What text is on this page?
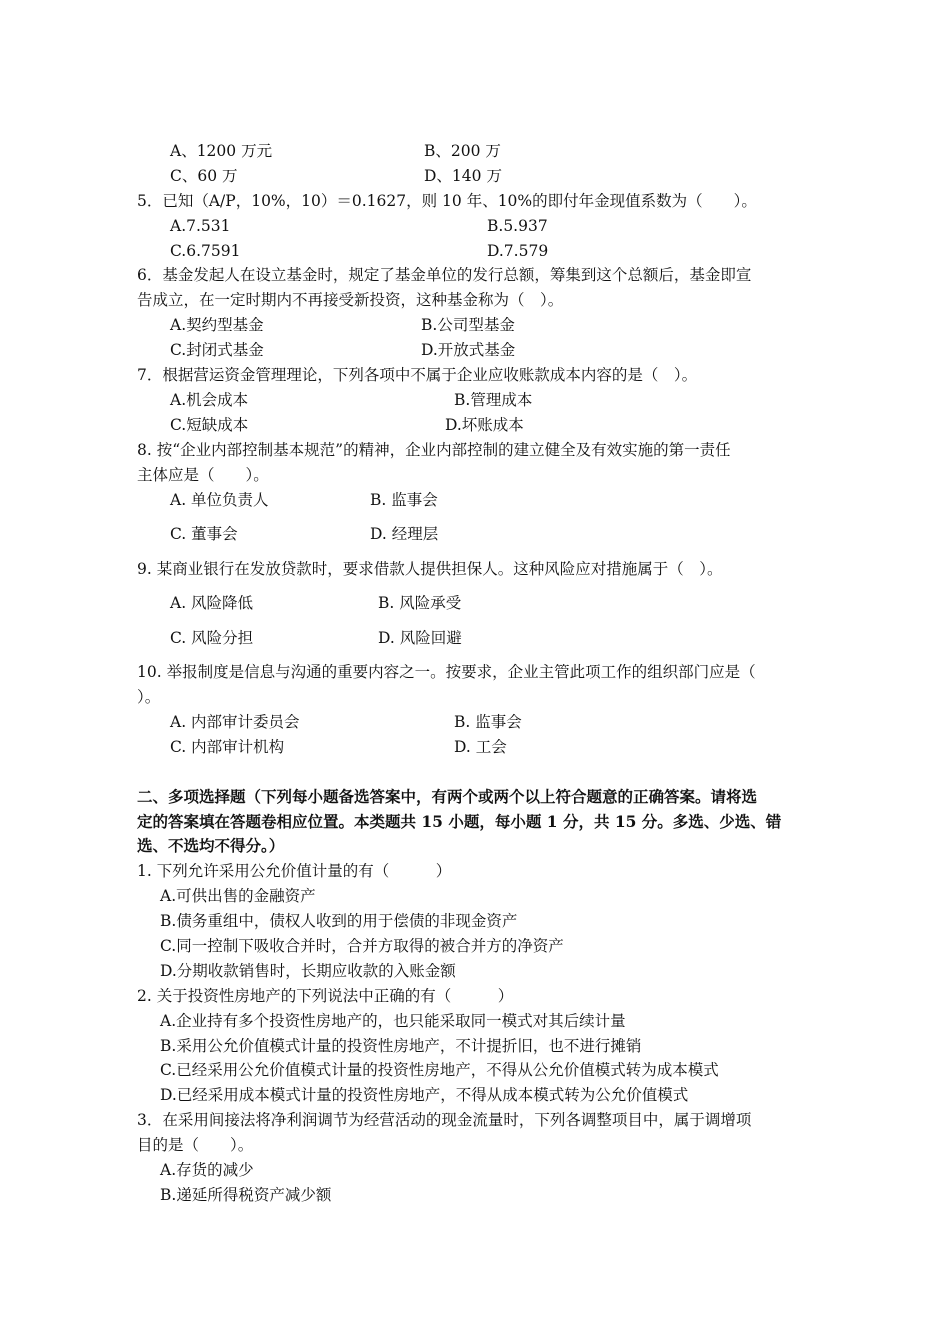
A、1200 万元	B、200 万
C、60 万	D、140 万
5．已知（A/P，10%，10）＝0.1627，则 10 年、10%的即付年金现值系数为（　　）。
A.7.531	B.5.937
C.6.7591	D.7.579
6．基金发起人在设立基金时，规定了基金单位的发行总额，筹集到这个总额后，基金即宣
告成立，在一定时期内不再接受新投资，这种基金称为（　）。
A.契约型基金	B.公司型基金
C.封闭式基金	D.开放式基金
7．根据营运资金管理理论，下列各项中不属于企业应收账款成本内容的是（　）。
A.机会成本	B.管理成本
C.短缺成本	D.坏账成本
8. 按“企业内部控制基本规范”的精神，企业内部控制的建立健全及有效实施的第一责任
主体应是（　　）。
A. 单位负责人	B. 监事会
C. 董事会	D. 经理层
9. 某商业银行在发放贷款时，要求借款人提供担保人。这种风险应对措施属于（　）。
A. 风险降低	B. 风险承受
C. 风险分担	D. 风险回避
10. 举报制度是信息与沟通的重要内容之一。按要求，企业主管此项工作的组织部门应是（
）。
A. 内部审计委员会	B. 监事会
C. 内部审计机构	D. 工会
二、多项选择题（下列每小题备选答案中，有两个或两个以上符合题意的正确答案。请将选
定的答案填在答题卷相应位置。本类题共 15 小题，每小题 1 分，共 15 分。多选、少选、错
选、不选均不得分。）
1. 下列允许采用公允价值计量的有（　　　）
A.可供出售的金融资产
B.债务重组中，债权人收到的用于偿债的非现金资产
C.同一控制下吸收合并时，合并方取得的被合并方的净资产
D.分期收款销售时，长期应收款的入账金额
2. 关于投资性房地产的下列说法中正确的有（　　　）
A.企业持有多个投资性房地产的，也只能采取同一模式对其后续计量
B.采用公允价值模式计量的投资性房地产，不计提折旧，也不进行摊销
C.已经采用公允价值模式计量的投资性房地产，不得从公允价值模式转为成本模式
D.已经采用成本模式计量的投资性房地产，不得从成本模式转为公允价值模式
3．在采用间接法将净利润调节为经营活动的现金流量时，下列各调整项目中，属于调增项
目的是（　　）。
A.存货的减少
B.递延所得税资产减少额
